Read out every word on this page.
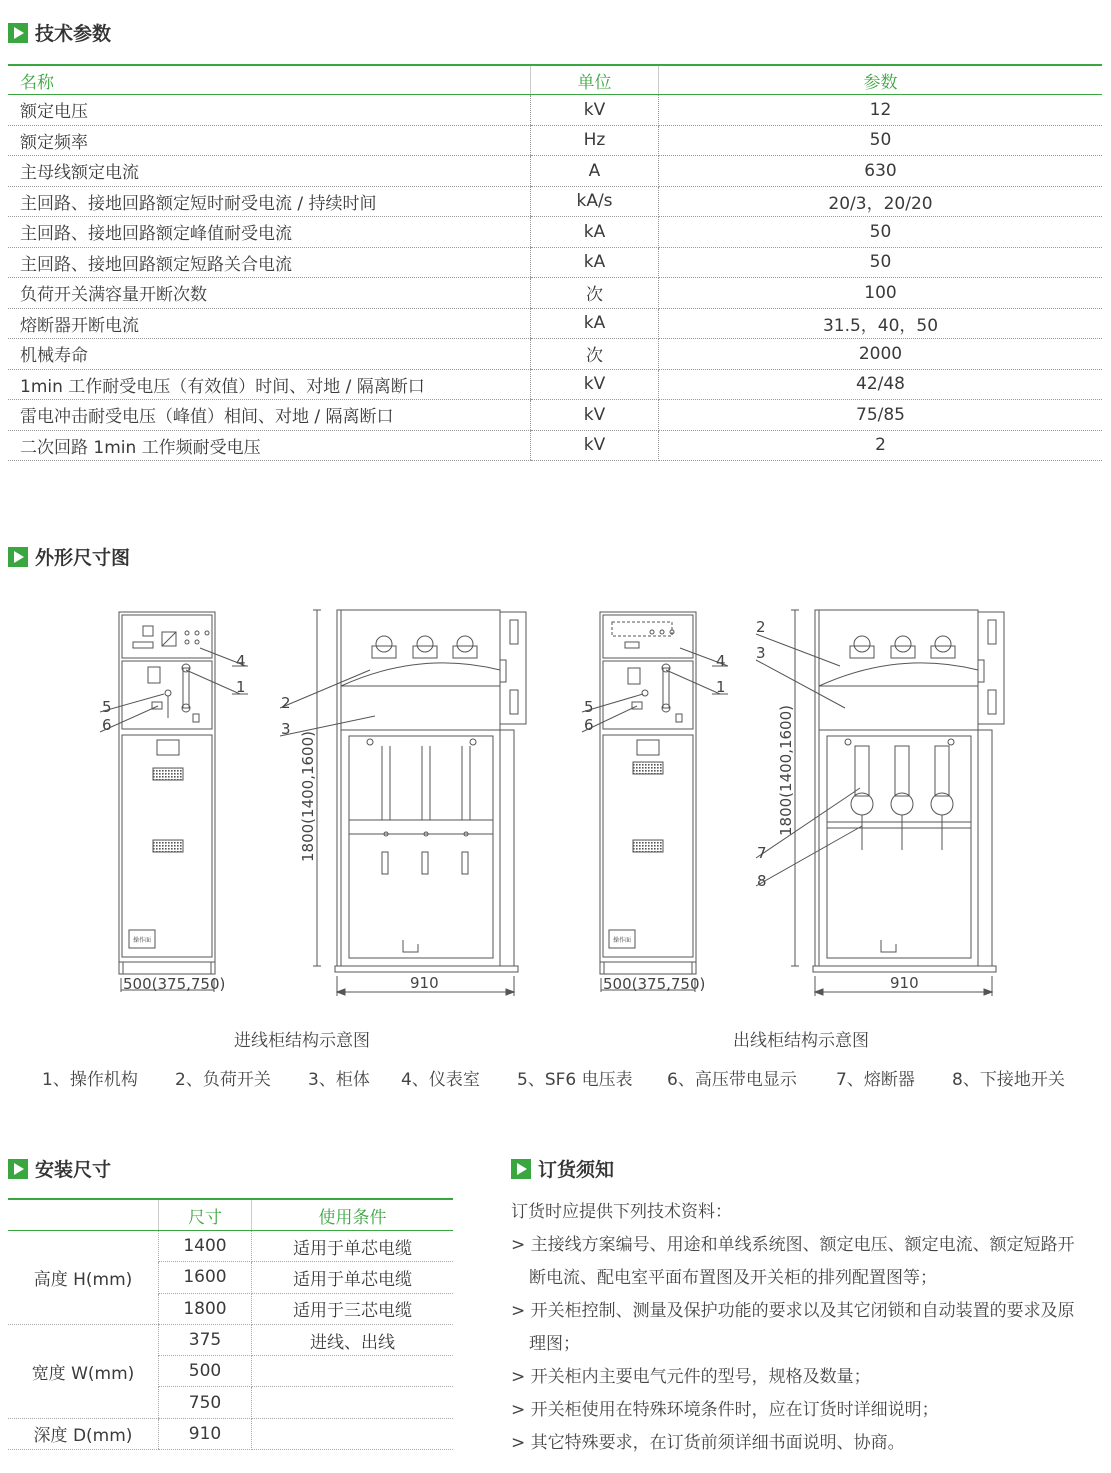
技术参数
名称	单位	参数
额定电压	kV	12
额定频率	Hz	50
主母线额定电流	A	630
主回路、接地回路额定短时耐受电流 / 持续时间	kA/s	20/3，20/20
主回路、接地回路额定峰值耐受电流	kA	50
主回路、接地回路额定短路关合电流	kA	50
负荷开关满容量开断次数	次	100
熔断器开断电流	kA	31.5，40，50
机械寿命	次	2000
1min 工作耐受电压（有效值）时间、对地 / 隔离断口	kV	42/48
雷电冲击耐受电压（峰值）相间、对地 / 隔离断口	kV	75/85
二次回路 1min 工作频耐受电压	kV	2
外形尺寸图
4
1
5
6
2
3
4
1
5
6
2
3
7
8
500(375,750)	500(375,750)
910	910
1800(1400,1600)	1800(1400,1600)
操作面	操作面
进线柜结构示意图	出线柜结构示意图
1、操作机构 2、负荷开关 3、柜体 4、仪表室 5、SF6 电压表 6、高压带电显示 7、熔断器 8、下接地开关
安装尺寸
	尺寸	使用条件
高度 H(mm)	1400	适用于单芯电缆
	1600	适用于单芯电缆
	1800	适用于三芯电缆
宽度 W(mm)	375	进线、出线
	500	
	750	
深度 D(mm)	910	
订货须知
订货时应提供下列技术资料：
> 主接线方案编号、用途和单线系统图、额定电压、额定电流、额定短路开
断电流、配电室平面布置图及开关柜的排列配置图等；
> 开关柜控制、测量及保护功能的要求以及其它闭锁和自动装置的要求及原
理图；
> 开关柜内主要电气元件的型号，规格及数量；
> 开关柜使用在特殊环境条件时，应在订货时详细说明；
> 其它特殊要求，在订货前须详细书面说明、协商。
